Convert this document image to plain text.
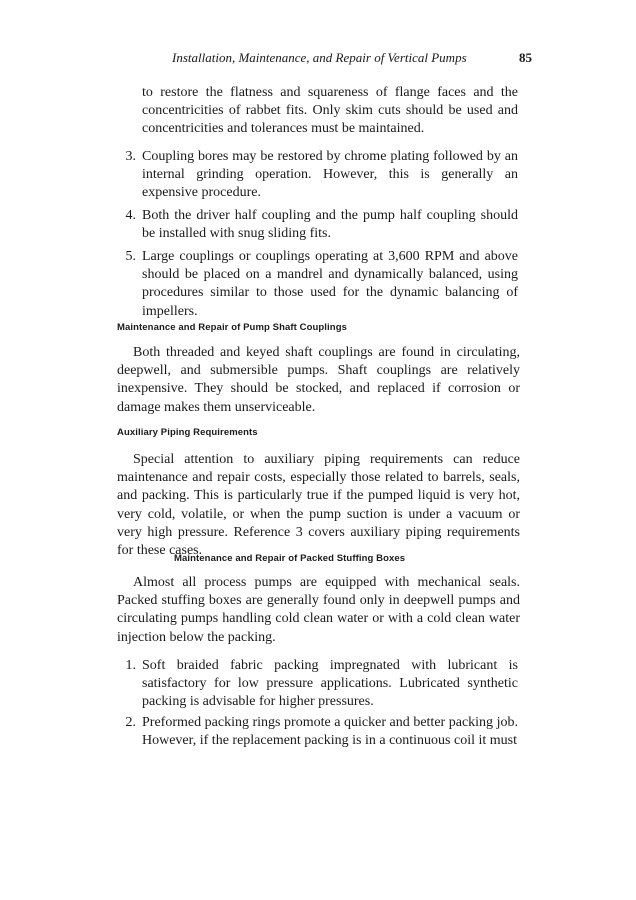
Installation, Maintenance, and Repair of Vertical Pumps	85
to restore the flatness and squareness of flange faces and the concentricities of rabbet fits. Only skim cuts should be used and concentricities and tolerances must be maintained.
3. Coupling bores may be restored by chrome plating followed by an internal grinding operation. However, this is generally an expensive procedure.
4. Both the driver half coupling and the pump half coupling should be installed with snug sliding fits.
5. Large couplings or couplings operating at 3,600 RPM and above should be placed on a mandrel and dynamically balanced, using procedures similar to those used for the dynamic balancing of impellers.
Maintenance and Repair of Pump Shaft Couplings
Both threaded and keyed shaft couplings are found in circulating, deepwell, and submersible pumps. Shaft couplings are relatively inexpensive. They should be stocked, and replaced if corrosion or damage makes them unserviceable.
Auxiliary Piping Requirements
Special attention to auxiliary piping requirements can reduce maintenance and repair costs, especially those related to barrels, seals, and packing. This is particularly true if the pumped liquid is very hot, very cold, volatile, or when the pump suction is under a vacuum or very high pressure. Reference 3 covers auxiliary piping requirements for these cases.
Maintenance and Repair of Packed Stuffing Boxes
Almost all process pumps are equipped with mechanical seals. Packed stuffing boxes are generally found only in deepwell pumps and circulating pumps handling cold clean water or with a cold clean water injection below the packing.
1. Soft braided fabric packing impregnated with lubricant is satisfactory for low pressure applications. Lubricated synthetic packing is advisable for higher pressures.
2. Preformed packing rings promote a quicker and better packing job. However, if the replacement packing is in a continuous coil it must
